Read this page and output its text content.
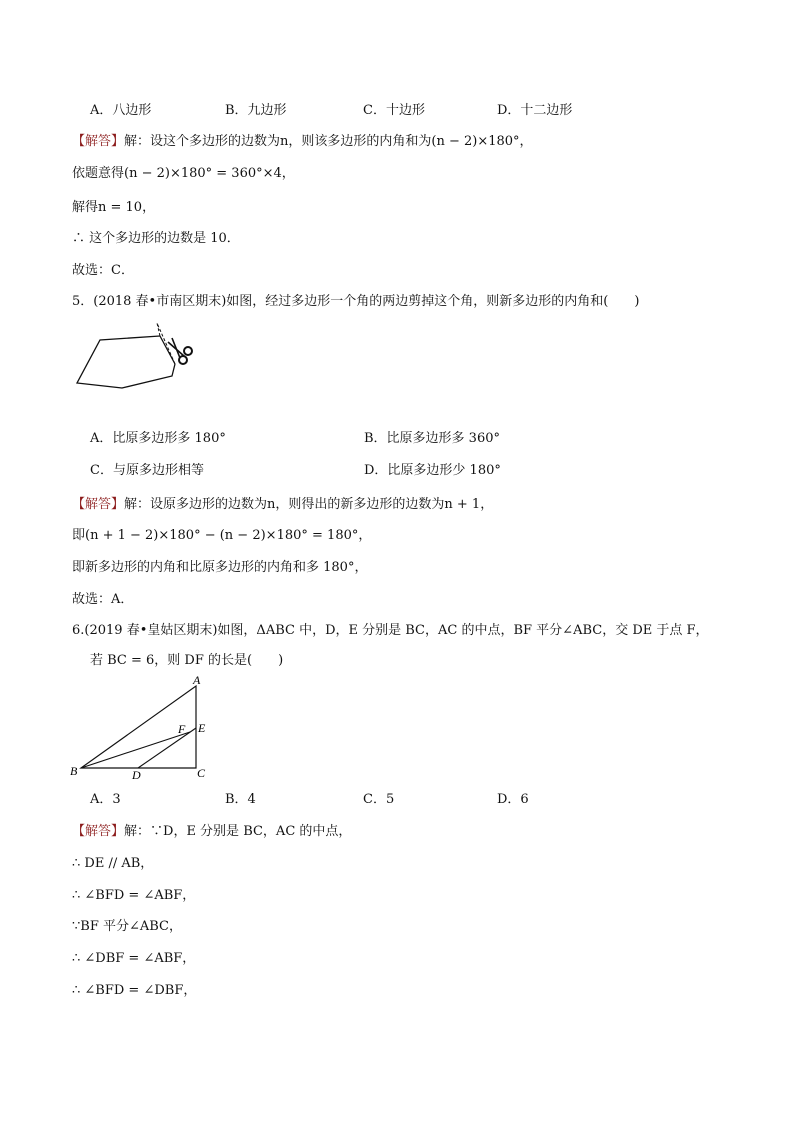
A．八边形	B．九边形	C．十边形	D．十二边形
【解答】解：设这个多边形的边数为n，则该多边形的内角和为(n − 2)×180°，
依题意得(n − 2)×180° = 360°×4，
解得n = 10，
∴ 这个多边形的边数是 10．
故选：C．
5．(2018 春•市南区期末)如图，经过多边形一个角的两边剪掉这个角，则新多边形的内角和(　　)
A．比原多边形多 180°	B．比原多边形多 360°
C．与原多边形相等	D．比原多边形少 180°
【解答】解：设原多边形的边数为n，则得出的新多边形的边数为n + 1，
即(n + 1 − 2)×180° − (n − 2)×180° = 180°，
即新多边形的内角和比原多边形的内角和多 180°，
故选：A．
6.(2019 春•皇姑区期末)如图，ΔABC 中，D，E 分别是 BC，AC 的中点，BF 平分∠ABC，交 DE 于点 F，
若 BC = 6，则 DF 的长是(　　)
A
B	C
D
E
F
A．3	B．4	C．5	D．6
【解答】解：∵D，E 分别是 BC，AC 的中点，
∴ DE // AB，
∴ ∠BFD = ∠ABF，
∵BF 平分∠ABC，
∴ ∠DBF = ∠ABF，
∴ ∠BFD = ∠DBF，
